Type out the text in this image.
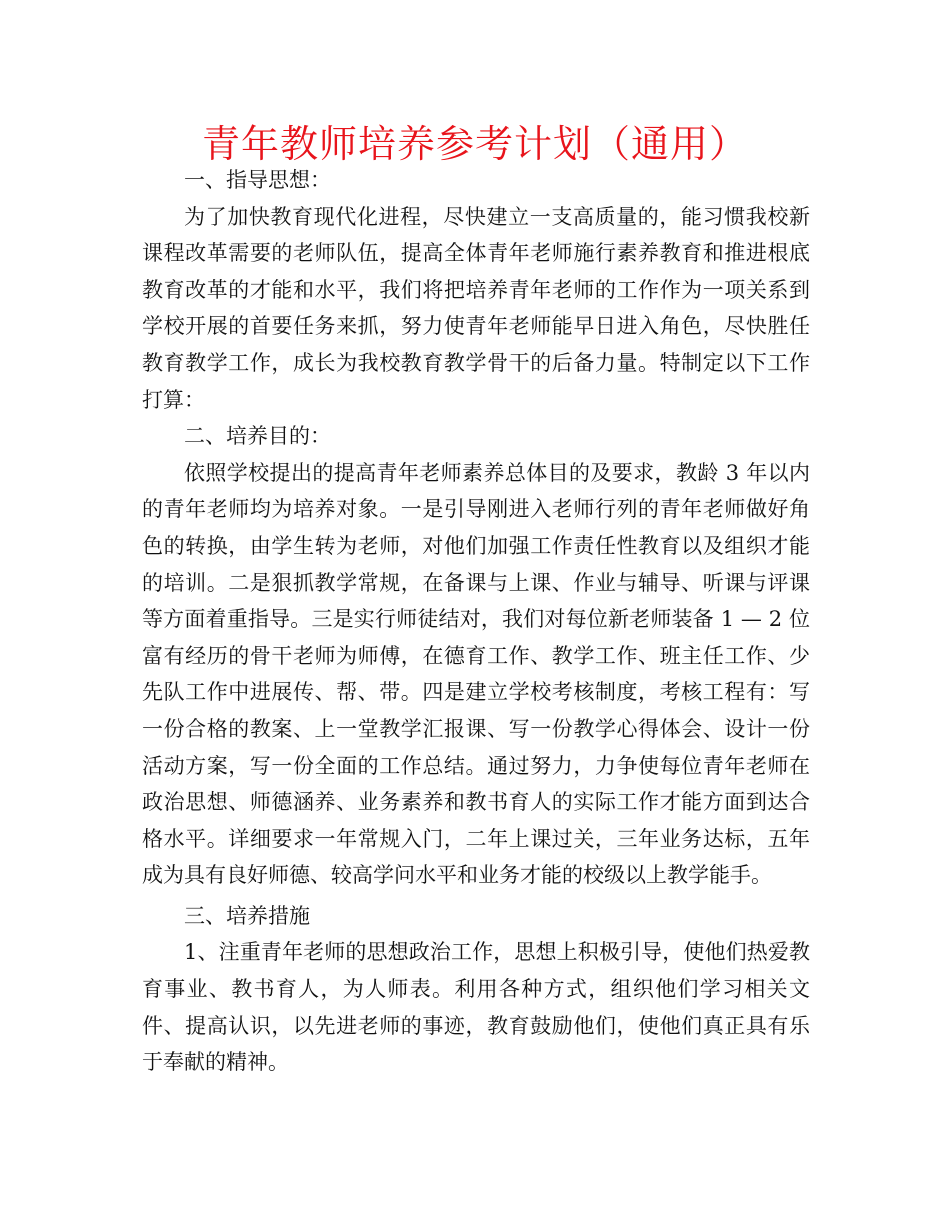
青年教师培养参考计划（通用）

一、指导思想：

为了加快教育现代化进程，尽快建立一支高质量的，能习惯我校新课程改革需要的老师队伍，提高全体青年老师施行素养教育和推进根底教育改革的才能和水平，我们将把培养青年老师的工作作为一项关系到学校开展的首要任务来抓，努力使青年老师能早日进入角色，尽快胜任教育教学工作，成长为我校教育教学骨干的后备力量。特制定以下工作打算：

二、培养目的：

依照学校提出的提高青年老师素养总体目的及要求，教龄 3 年以内的青年老师均为培养对象。一是引导刚进入老师行列的青年老师做好角色的转换，由学生转为老师，对他们加强工作责任性教育以及组织才能的培训。二是狠抓教学常规，在备课与上课、作业与辅导、听课与评课等方面着重指导。三是实行师徒结对，我们对每位新老师装备 1 — 2 位富有经历的骨干老师为师傅，在德育工作、教学工作、班主任工作、少先队工作中进展传、帮、带。四是建立学校考核制度，考核工程有：写一份合格的教案、上一堂教学汇报课、写一份教学心得体会、设计一份活动方案，写一份全面的工作总结。通过努力，力争使每位青年老师在政治思想、师德涵养、业务素养和教书育人的实际工作才能方面到达合格水平。详细要求一年常规入门，二年上课过关，三年业务达标，五年成为具有良好师德、较高学问水平和业务才能的校级以上教学能手。

三、培养措施

1、注重青年老师的思想政治工作，思想上积极引导，使他们热爱教育事业、教书育人，为人师表。利用各种方式，组织他们学习相关文件、提高认识，以先进老师的事迹，教育鼓励他们，使他们真正具有乐于奉献的精神。
